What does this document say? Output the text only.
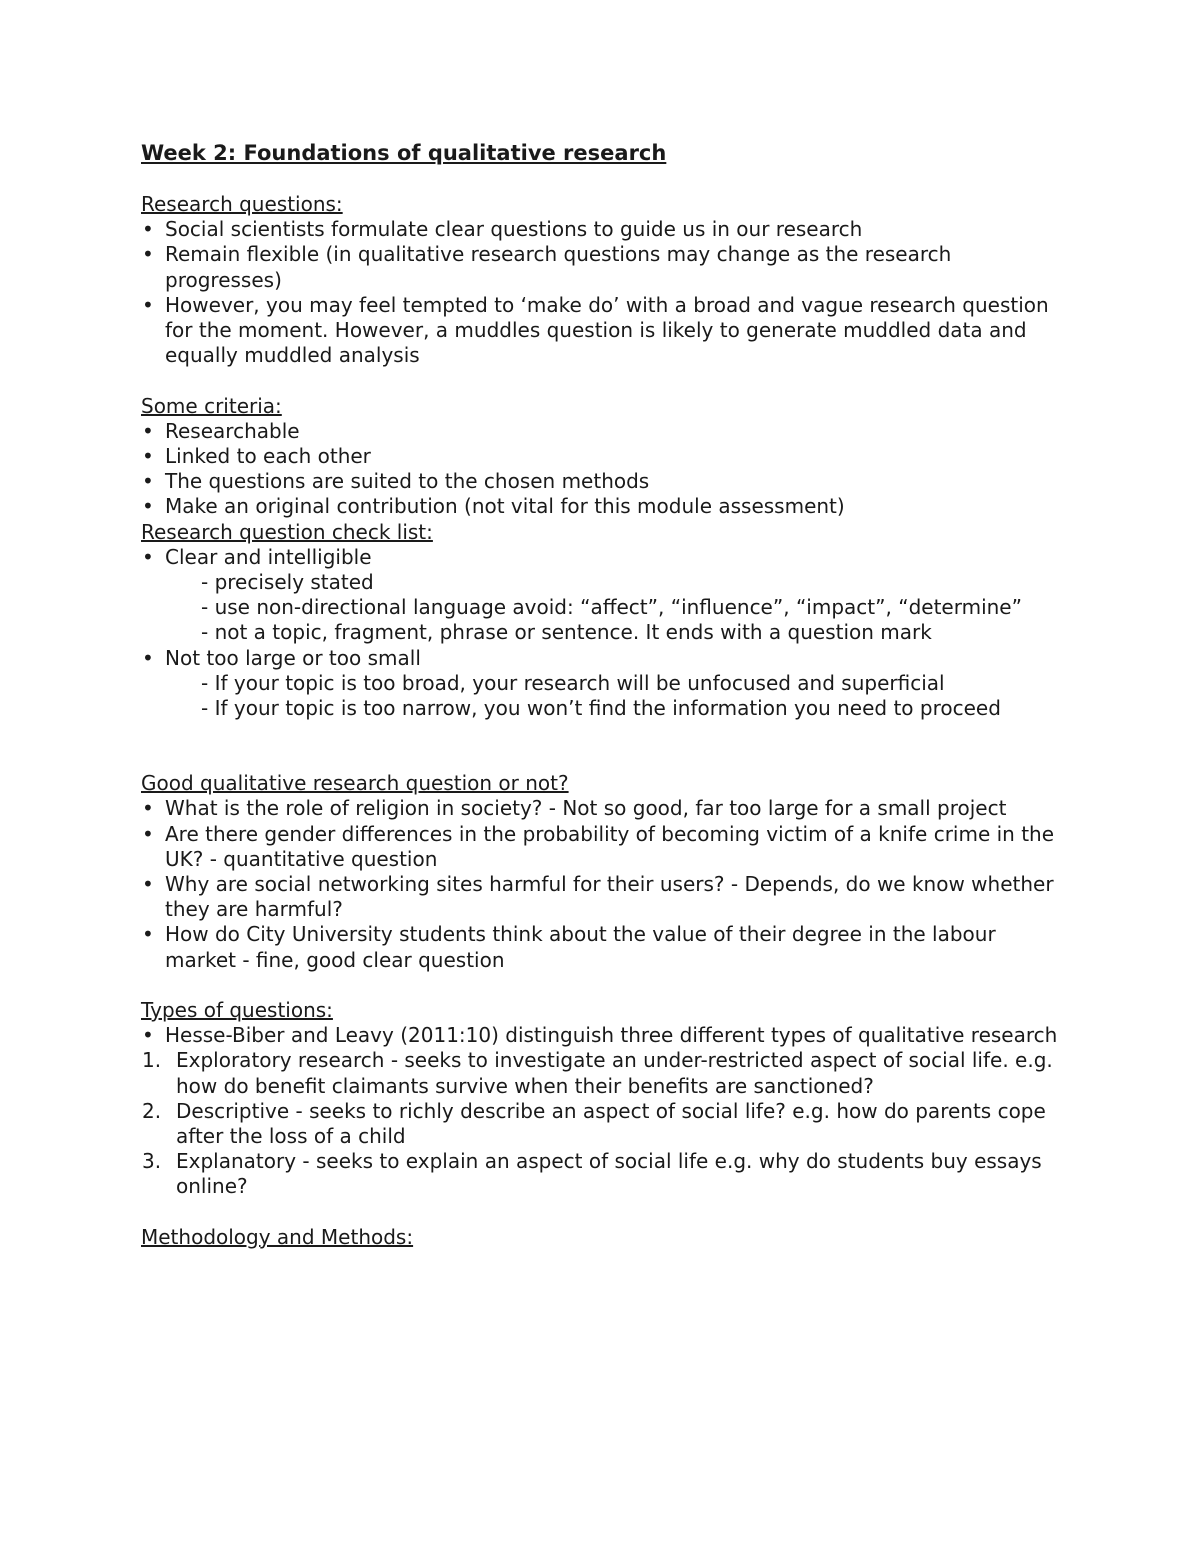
Week 2: Foundations of qualitative research

Research questions:

• Social scientists formulate clear questions to guide us in our research
• Remain flexible (in qualitative research questions may change as the research progresses)
• However, you may feel tempted to ‘make do’ with a broad and vague research question for the moment. However, a muddles question is likely to generate muddled data and equally muddled analysis

Some criteria:

• Researchable
• Linked to each other
• The questions are suited to the chosen methods
• Make an original contribution (not vital for this module assessment)

Research question check list:

• Clear and intelligible

- precisely stated

- use non-directional language avoid: “affect”, “influence”, “impact”, “determine”

- not a topic, fragment, phrase or sentence. It ends with a question mark

• Not too large or too small

- If your topic is too broad, your research will be unfocused and superficial

- If your topic is too narrow, you won’t find the information you need to proceed

Good qualitative research question or not?

• What is the role of religion in society? - Not so good, far too large for a small project
• Are there gender differences in the probability of becoming victim of a knife crime in the UK? - quantitative question
• Why are social networking sites harmful for their users? - Depends, do we know whether they are harmful?
• How do City University students think about the value of their degree in the labour market - fine, good clear question

Types of questions:

• Hesse-Biber and Leavy (2011:10) distinguish three different types of qualitative research
1. Exploratory research - seeks to investigate an under-restricted aspect of social life. e.g. how do benefit claimants survive when their benefits are sanctioned?
2. Descriptive - seeks to richly describe an aspect of social life? e.g. how do parents cope after the loss of a child
3. Explanatory - seeks to explain an aspect of social life e.g. why do students buy essays online?

Methodology and Methods:
